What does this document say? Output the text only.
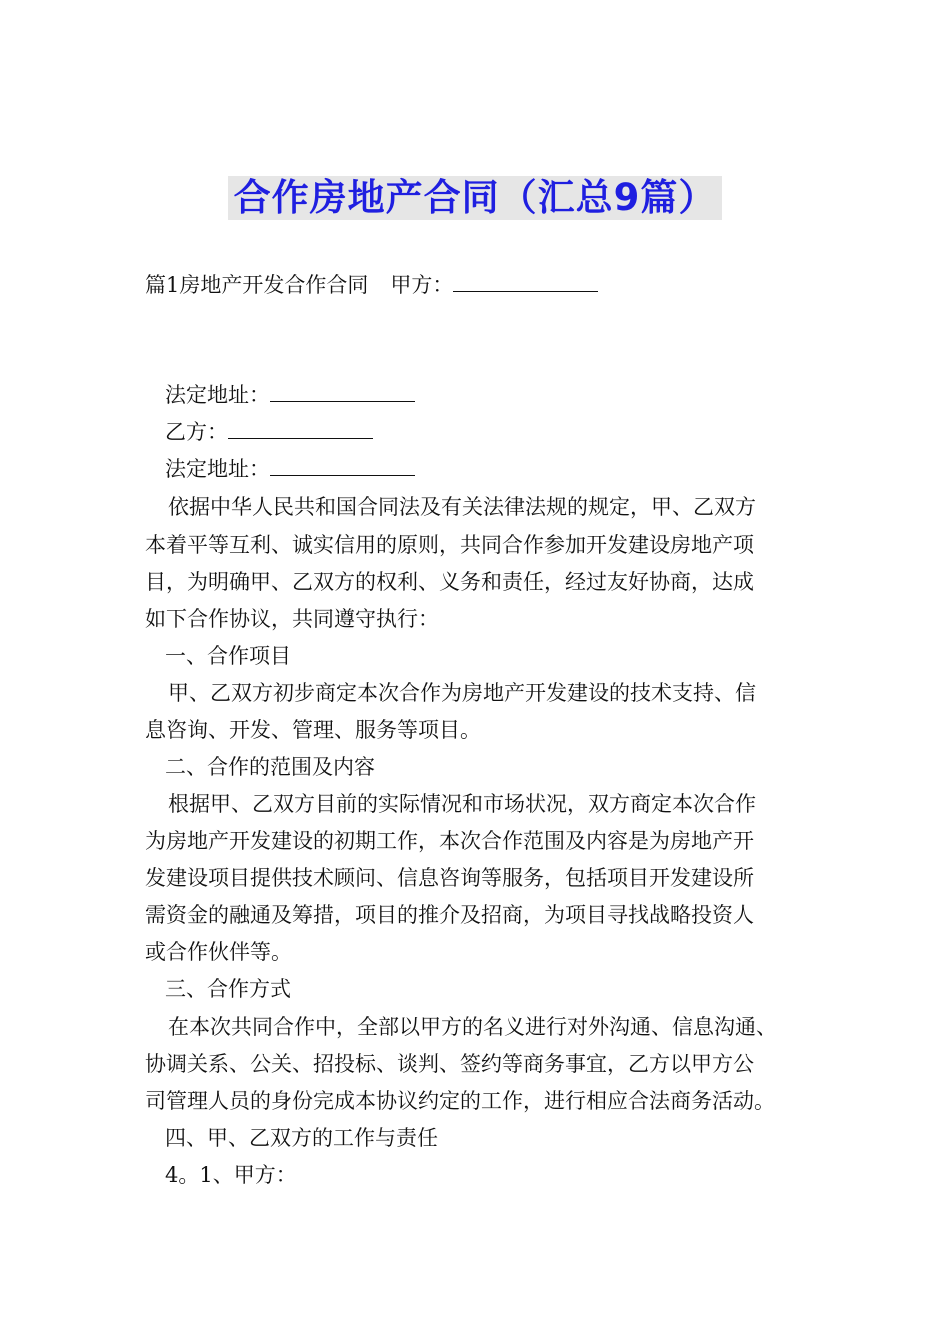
合作房地产合同（汇总9篇）
篇1房地产开发合作合同 甲方：
法定地址：
乙方：
法定地址：
依据中华人民共和国合同法及有关法律法规的规定，甲、乙双方
本着平等互利、诚实信用的原则，共同合作参加开发建设房地产项
目，为明确甲、乙双方的权利、义务和责任，经过友好协商，达成
如下合作协议，共同遵守执行：
一、合作项目
甲、乙双方初步商定本次合作为房地产开发建设的技术支持、信
息咨询、开发、管理、服务等项目。
二、合作的范围及内容
根据甲、乙双方目前的实际情况和市场状况，双方商定本次合作
为房地产开发建设的初期工作，本次合作范围及内容是为房地产开
发建设项目提供技术顾问、信息咨询等服务，包括项目开发建设所
需资金的融通及筹措，项目的推介及招商，为项目寻找战略投资人
或合作伙伴等。
三、合作方式
在本次共同合作中，全部以甲方的名义进行对外沟通、信息沟通、
协调关系、公关、招投标、谈判、签约等商务事宜，乙方以甲方公
司管理人员的身份完成本协议约定的工作，进行相应合法商务活动。
四、甲、乙双方的工作与责任
4。1、甲方：
